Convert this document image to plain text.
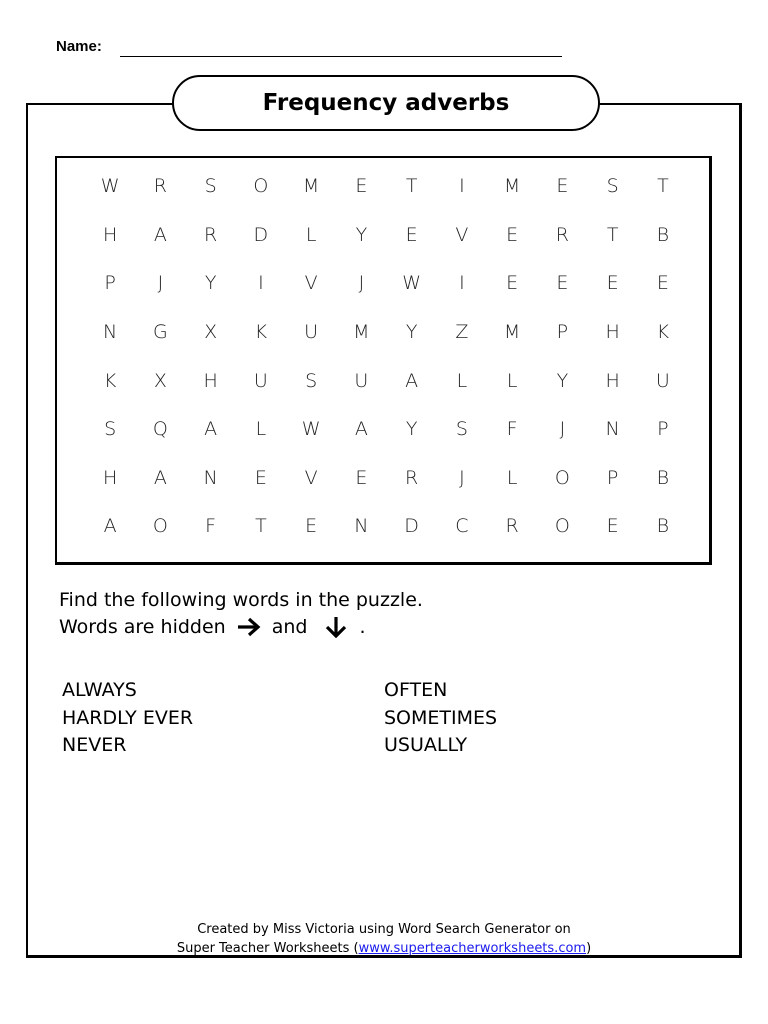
Name:
Frequency adverbs
W	R	S	O	M	E	T	I	M	E	S	T
H	A	R	D	L	Y	E	V	E	R	T	B
P	J	Y	I	V	J	W	I	E	E	E	E
N	G	X	K	U	M	Y	Z	M	P	H	K
K	X	H	U	S	U	A	L	L	Y	H	U
S	Q	A	L	W	A	Y	S	F	J	N	P
H	A	N	E	V	E	R	J	L	O	P	B
A	O	F	T	E	N	D	C	R	O	E	B
Find the following words in the puzzle.
Words are hidden and	.
ALWAYS
HARDLY EVER
NEVER
OFTEN
SOMETIMES
USUALLY
Created by Miss Victoria using Word Search Generator on
Super Teacher Worksheets (www.superteacherworksheets.com)
